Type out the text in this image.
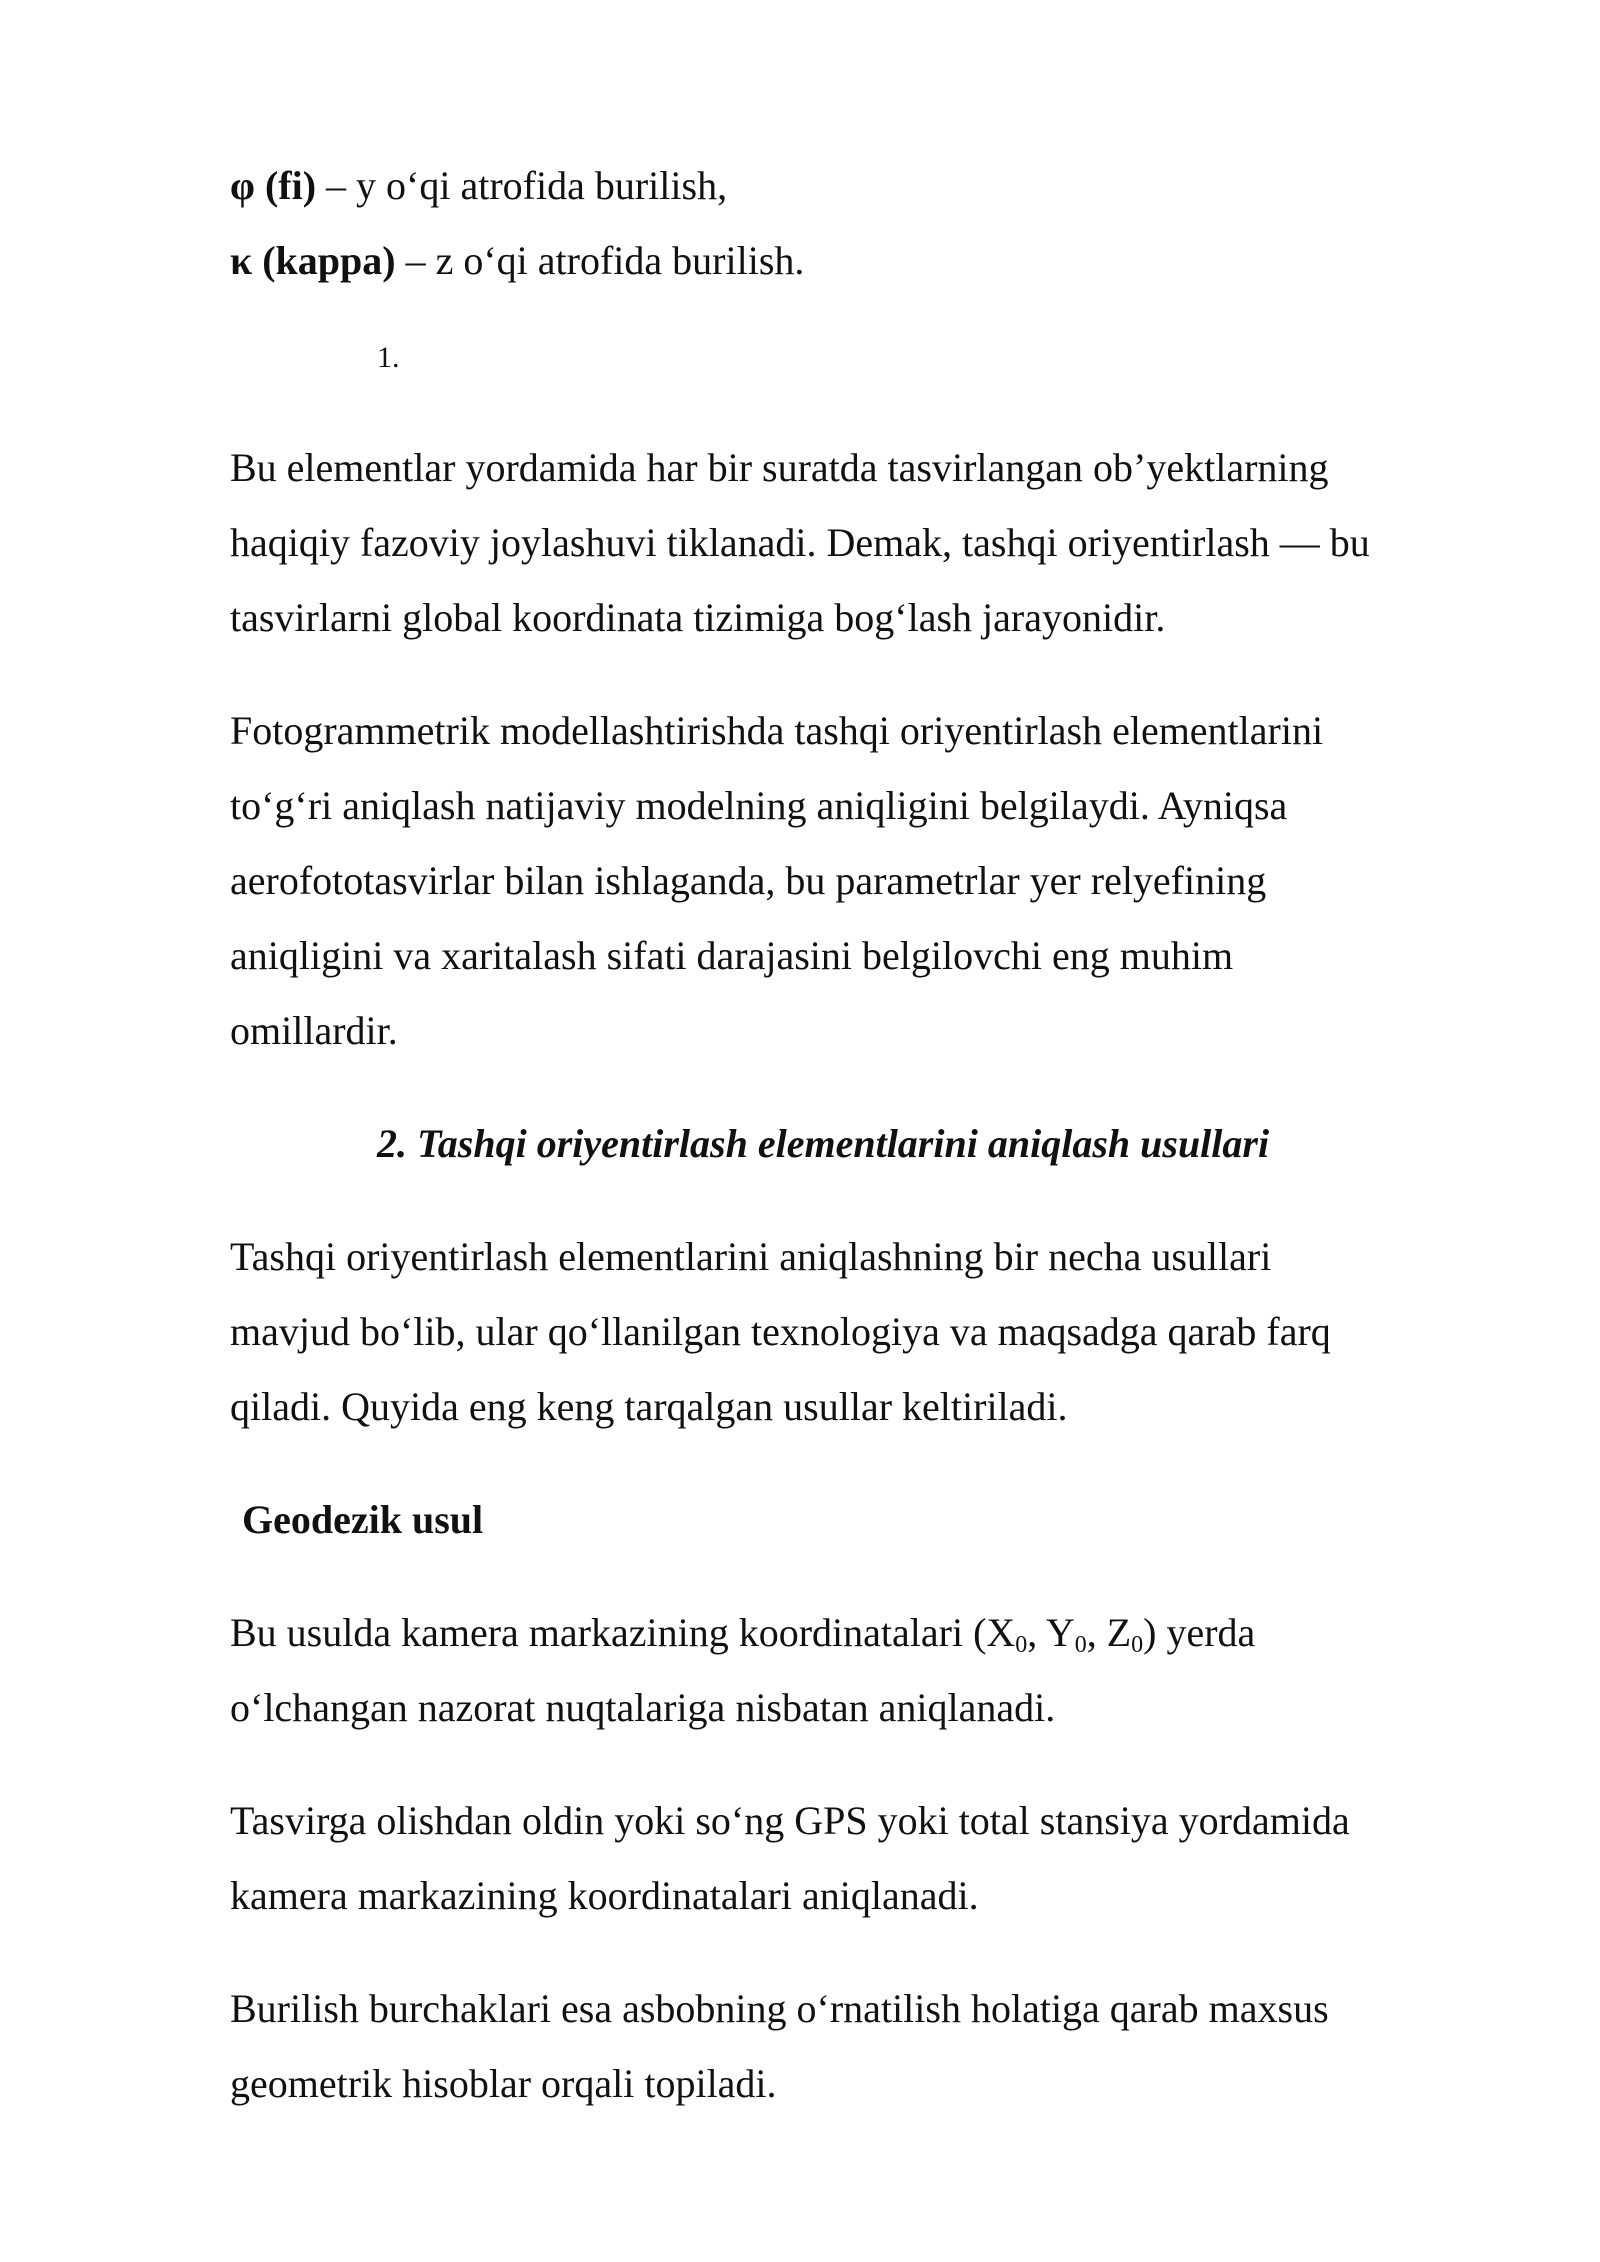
φ (fi) – y o‘qi atrofida burilish,

κ (kappa) – z o‘qi atrofida burilish.

1.

Bu elementlar yordamida har bir suratda tasvirlangan ob’yektlarning
haqiqiy fazoviy joylashuvi tiklanadi. Demak, tashqi oriyentirlash — bu
tasvirlarni global koordinata tizimiga bog‘lash jarayonidir.
Fotogrammetrik modellashtirishda tashqi oriyentirlash elementlarini
to‘g‘ri aniqlash natijaviy modelning aniqligini belgilaydi. Ayniqsa
aerofototasvirlar bilan ishlaganda, bu parametrlar yer relyefining
aniqligini va xaritalash sifati darajasini belgilovchi eng muhim
omillardir.

2. Tashqi oriyentirlash elementlarini aniqlash usullari

Tashqi oriyentirlash elementlarini aniqlashning bir necha usullari
mavjud bo‘lib, ular qo‘llanilgan texnologiya va maqsadga qarab farq
qiladi. Quyida eng keng tarqalgan usullar keltiriladi.

Geodezik usul

Bu usulda kamera markazining koordinatalari ($X_0$, $Y_0$, $Z_0$) yerda
o‘lchangan nazorat nuqtalariga nisbatan aniqlanadi.
Tasvirga olishdan oldin yoki so‘ng GPS yoki total stansiya yordamida
kamera markazining koordinatalari aniqlanadi.
Burilish burchaklari esa asbobning o‘rnatilish holatiga qarab maxsus
geometrik hisoblar orqali topiladi.
